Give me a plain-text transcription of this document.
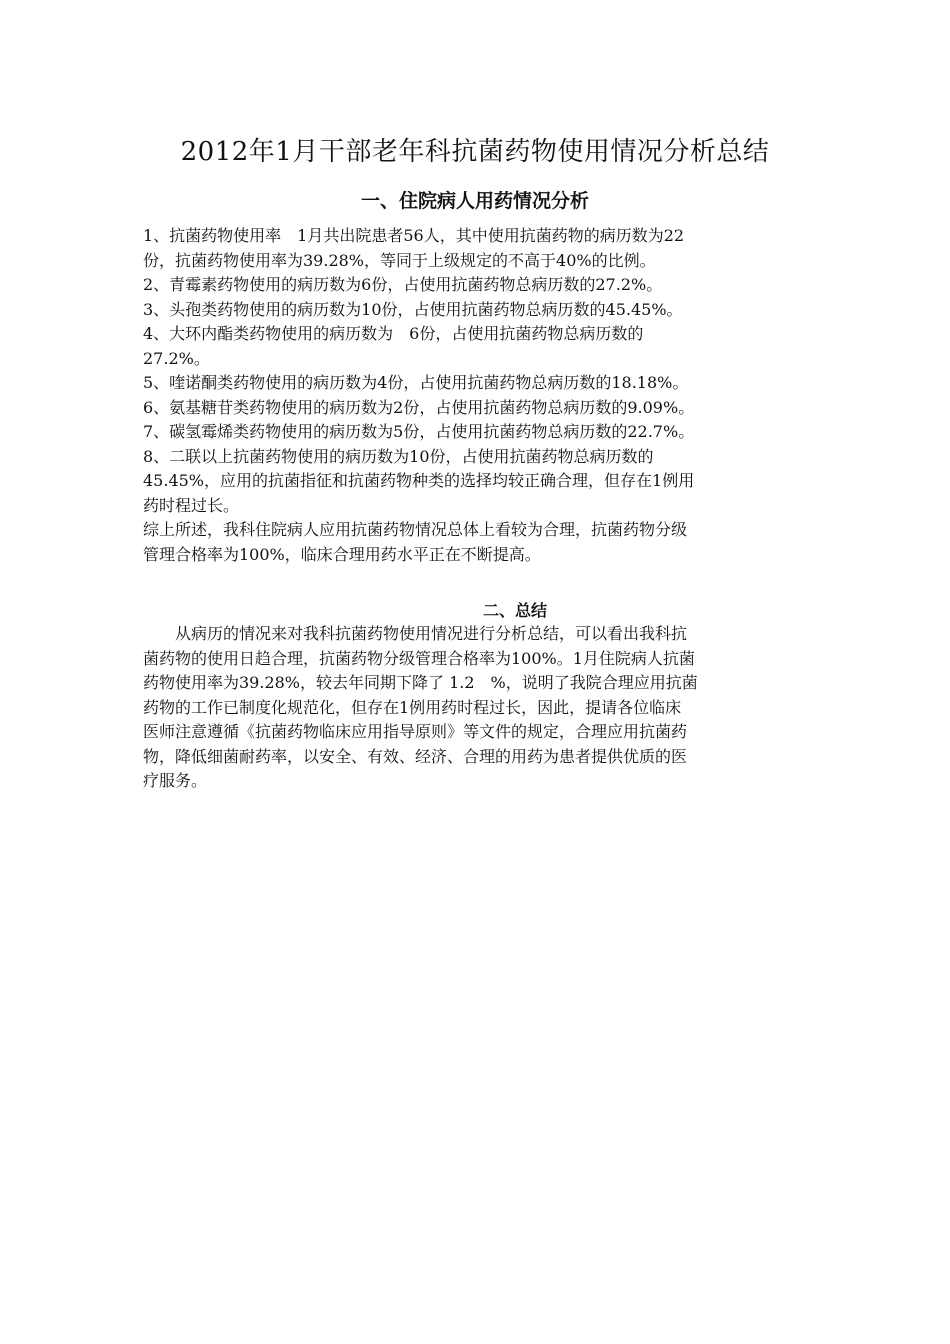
2012年1月干部老年科抗菌药物使用情况分析总结
一、住院病人用药情况分析
1、抗菌药物使用率　1月共出院患者56人，其中使用抗菌药物的病历数为22
份，抗菌药物使用率为39.28%，等同于上级规定的不高于40%的比例。
2、青霉素药物使用的病历数为6份，占使用抗菌药物总病历数的27.2%。
3、头孢类药物使用的病历数为10份，占使用抗菌药物总病历数的45.45%。
4、大环内酯类药物使用的病历数为　6份，占使用抗菌药物总病历数的
27.2%。
5、喹诺酮类药物使用的病历数为4份，占使用抗菌药物总病历数的18.18%。
6、氨基糖苷类药物使用的病历数为2份，占使用抗菌药物总病历数的9.09%。
7、碳氢霉烯类药物使用的病历数为5份，占使用抗菌药物总病历数的22.7%。
8、二联以上抗菌药物使用的病历数为10份，占使用抗菌药物总病历数的
45.45%，应用的抗菌指征和抗菌药物种类的选择均较正确合理，但存在1例用
药时程过长。
综上所述，我科住院病人应用抗菌药物情况总体上看较为合理，抗菌药物分级
管理合格率为100%，临床合理用药水平正在不断提高。
二、总结
　　从病历的情况来对我科抗菌药物使用情况进行分析总结，可以看出我科抗
菌药物的使用日趋合理，抗菌药物分级管理合格率为100%。1月住院病人抗菌
药物使用率为39.28%，较去年同期下降了 1.2　%，说明了我院合理应用抗菌
药物的工作已制度化规范化，但存在1例用药时程过长，因此，提请各位临床
医师注意遵循《抗菌药物临床应用指导原则》等文件的规定，合理应用抗菌药
物，降低细菌耐药率，以安全、有效、经济、合理的用药为患者提供优质的医
疗服务。
